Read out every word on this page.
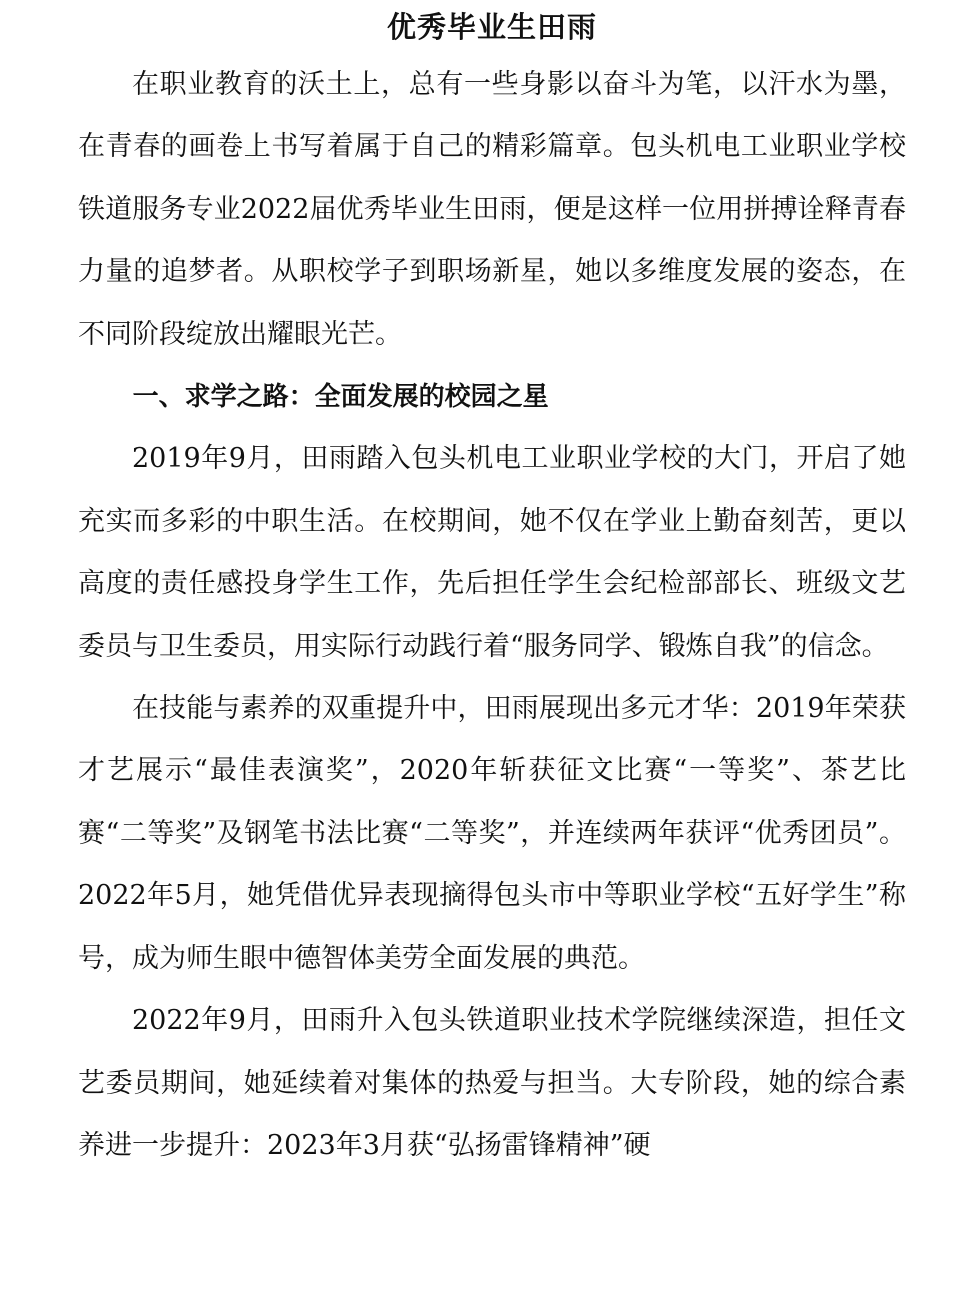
优秀毕业生田雨

在职业教育的沃土上，总有一些身影以奋斗为笔，以汗水为墨，在青春的画卷上书写着属于自己的精彩篇章。包头机电工业职业学校铁道服务专业2022届优秀毕业生田雨，便是这样一位用拼搏诠释青春力量的追梦者。从职校学子到职场新星，她以多维度发展的姿态，在不同阶段绽放出耀眼光芒。

一、求学之路：全面发展的校园之星

2019年9月，田雨踏入包头机电工业职业学校的大门，开启了她充实而多彩的中职生活。在校期间，她不仅在学业上勤奋刻苦，更以高度的责任感投身学生工作，先后担任学生会纪检部部长、班级文艺委员与卫生委员，用实际行动践行着“服务同学、锻炼自我”的信念。

在技能与素养的双重提升中，田雨展现出多元才华：2019年荣获才艺展示“最佳表演奖”，2020年斩获征文比赛“一等奖”、茶艺比赛“二等奖”及钢笔书法比赛“二等奖”，并连续两年获评“优秀团员”。2022年5月，她凭借优异表现摘得包头市中等职业学校“五好学生”称号，成为师生眼中德智体美劳全面发展的典范。

2022年9月，田雨升入包头铁道职业技术学院继续深造，担任文艺委员期间，她延续着对集体的热爱与担当。大专阶段，她的综合素养进一步提升：2023年3月获“弘扬雷锋精神”硬
